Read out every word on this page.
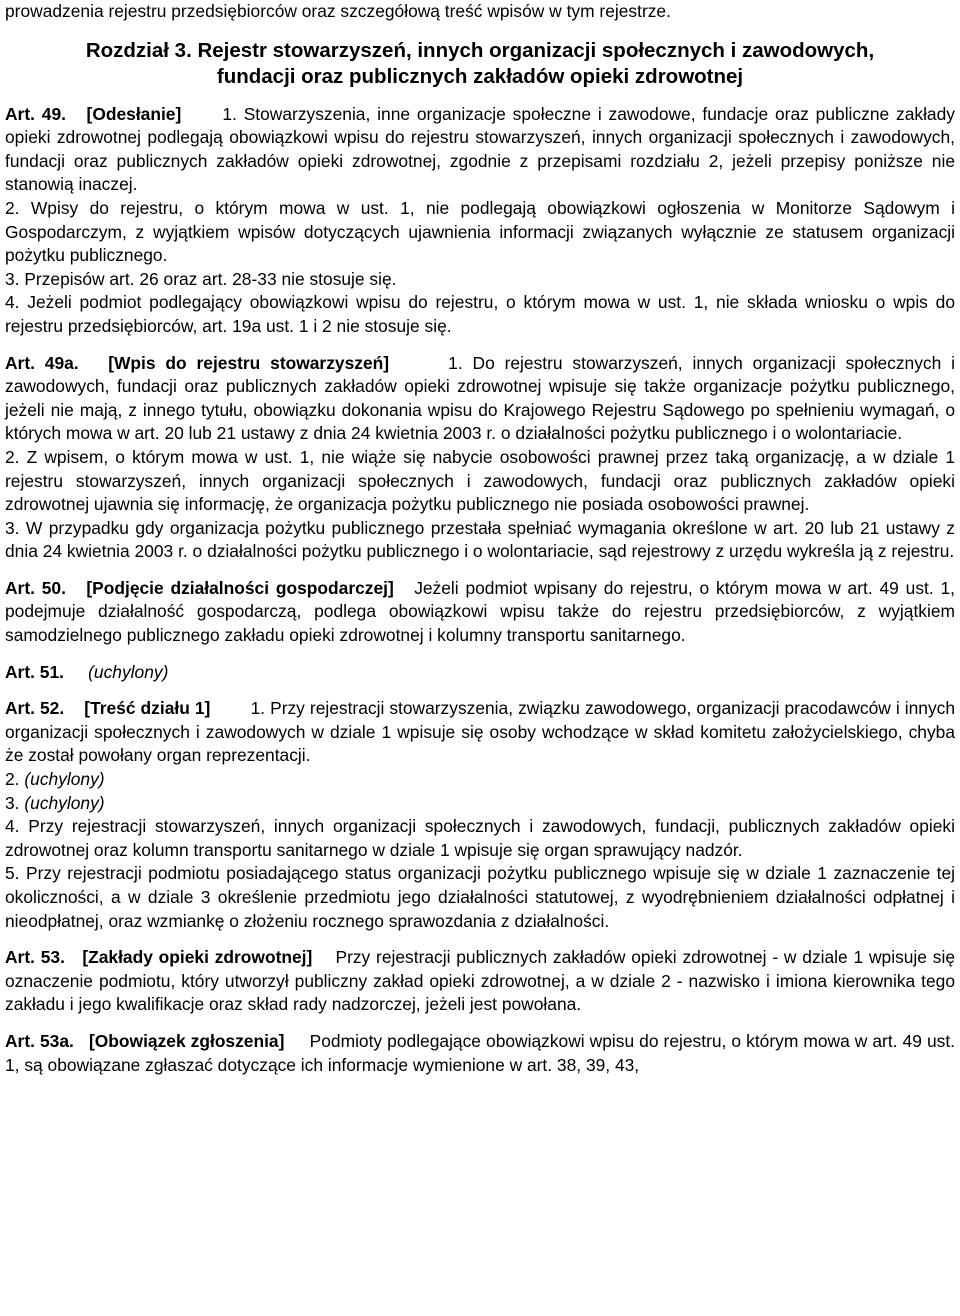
prowadzenia rejestru przedsiębiorców oraz szczegółową treść wpisów w tym rejestrze.

Rozdział 3. Rejestr stowarzyszeń, innych organizacji społecznych i zawodowych,
fundacji oraz publicznych zakładów opieki zdrowotnej

Art. 49. [Odesłanie] 1. Stowarzyszenia, inne organizacje społeczne i zawodowe, fundacje oraz publiczne zakłady opieki zdrowotnej podlegają obowiązkowi wpisu do rejestru stowarzyszeń, innych organizacji społecznych i zawodowych, fundacji oraz publicznych zakładów opieki zdrowotnej, zgodnie z przepisami rozdziału 2, jeżeli przepisy poniższe nie stanowią inaczej.

2. Wpisy do rejestru, o którym mowa w ust. 1, nie podlegają obowiązkowi ogłoszenia w Monitorze Sądowym i Gospodarczym, z wyjątkiem wpisów dotyczących ujawnienia informacji związanych wyłącznie ze statusem organizacji pożytku publicznego.

3. Przepisów art. 26 oraz art. 28-33 nie stosuje się.

4. Jeżeli podmiot podlegający obowiązkowi wpisu do rejestru, o którym mowa w ust. 1, nie składa wniosku o wpis do rejestru przedsiębiorców, art. 19a ust. 1 i 2 nie stosuje się.

Art. 49a. [Wpis do rejestru stowarzyszeń]	1. Do rejestru stowarzyszeń, innych organizacji społecznych i zawodowych, fundacji oraz publicznych zakładów opieki zdrowotnej wpisuje się także organizacje pożytku publicznego, jeżeli nie mają, z innego tytułu, obowiązku dokonania wpisu do Krajowego Rejestru Sądowego po spełnieniu wymagań, o których mowa w art. 20 lub 21 ustawy z dnia 24 kwietnia 2003 r. o działalności pożytku publicznego i o wolontariacie.

2. Z wpisem, o którym mowa w ust. 1, nie wiąże się nabycie osobowości prawnej przez taką organizację, a w dziale 1 rejestru stowarzyszeń, innych organizacji społecznych i zawodowych, fundacji oraz publicznych zakładów opieki zdrowotnej ujawnia się informację, że organizacja pożytku publicznego nie posiada osobowości prawnej.

3. W przypadku gdy organizacja pożytku publicznego przestała spełniać wymagania określone w art. 20 lub 21 ustawy z dnia 24 kwietnia 2003 r. o działalności pożytku publicznego i o wolontariacie, sąd rejestrowy z urzędu wykreśla ją z rejestru.

Art. 50. [Podjęcie działalności gospodarczej] Jeżeli podmiot wpisany do rejestru, o którym mowa w art. 49 ust. 1, podejmuje działalność gospodarczą, podlega obowiązkowi wpisu także do rejestru przedsiębiorców, z wyjątkiem samodzielnego publicznego zakładu opieki zdrowotnej i kolumny transportu sanitarnego.

Art. 51. (uchylony)

Art. 52. [Treść działu 1] 1. Przy rejestracji stowarzyszenia, związku zawodowego, organizacji pracodawców i innych organizacji społecznych i zawodowych w dziale 1 wpisuje się osoby wchodzące w skład komitetu założycielskiego, chyba że został powołany organ reprezentacji.

2. (uchylony)

3. (uchylony)

4. Przy rejestracji stowarzyszeń, innych organizacji społecznych i zawodowych, fundacji, publicznych zakładów opieki zdrowotnej oraz kolumn transportu sanitarnego w dziale 1 wpisuje się organ sprawujący nadzór.

5. Przy rejestracji podmiotu posiadającego status organizacji pożytku publicznego wpisuje się w dziale 1 zaznaczenie tej okoliczności, a w dziale 3 określenie przedmiotu jego działalności statutowej, z wyodrębnieniem działalności odpłatnej i nieodpłatnej, oraz wzmiankę o złożeniu rocznego sprawozdania z działalności.

Art. 53. [Zakłady opieki zdrowotnej] Przy rejestracji publicznych zakładów opieki zdrowotnej - w dziale 1 wpisuje się oznaczenie podmiotu, który utworzył publiczny zakład opieki zdrowotnej, a w dziale 2 - nazwisko i imiona kierownika tego zakładu i jego kwalifikacje oraz skład rady nadzorczej, jeżeli jest powołana.

Art. 53a. [Obowiązek zgłoszenia] Podmioty podlegające obowiązkowi wpisu do rejestru, o którym mowa w art. 49 ust. 1, są obowiązane zgłaszać dotyczące ich informacje wymienione w art. 38, 39, 43,
